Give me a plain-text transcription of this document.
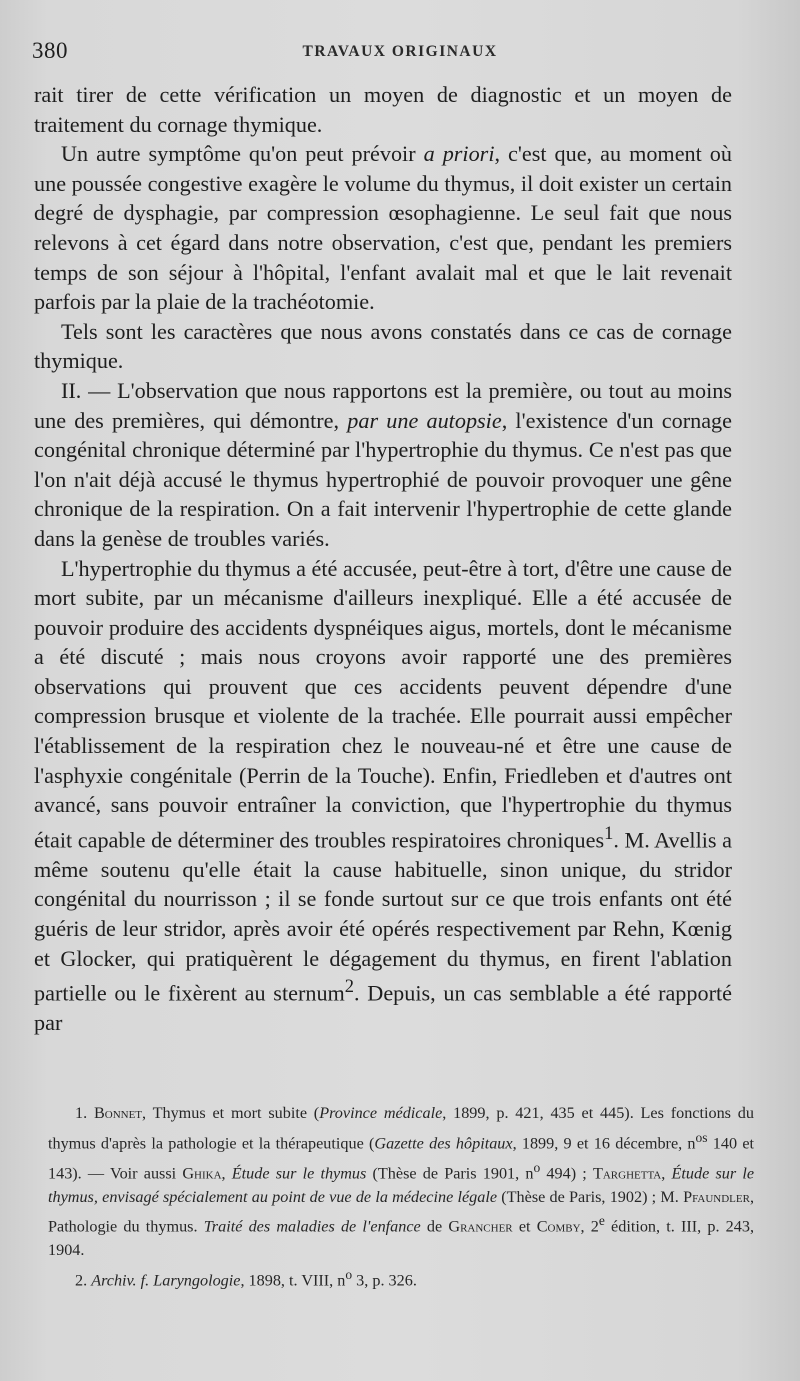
380	TRAVAUX ORIGINAUX

rait tirer de cette vérification un moyen de diagnostic et un moyen de traitement du cornage thymique.

Un autre symptôme qu'on peut prévoir a priori, c'est que, au moment où une poussée congestive exagère le volume du thymus, il doit exister un certain degré de dysphagie, par compression œsophagienne. Le seul fait que nous relevons à cet égard dans notre observation, c'est que, pendant les premiers temps de son séjour à l'hôpital, l'enfant avalait mal et que le lait revenait parfois par la plaie de la trachéotomie.

Tels sont les caractères que nous avons constatés dans ce cas de cornage thymique.

II. — L'observation que nous rapportons est la première, ou tout au moins une des premières, qui démontre, par une autopsie, l'existence d'un cornage congénital chronique déterminé par l'hypertrophie du thymus. Ce n'est pas que l'on n'ait déjà accusé le thymus hypertrophié de pouvoir provoquer une gêne chronique de la respiration. On a fait intervenir l'hypertrophie de cette glande dans la genèse de troubles variés.

L'hypertrophie du thymus a été accusée, peut-être à tort, d'être une cause de mort subite, par un mécanisme d'ailleurs inexpliqué. Elle a été accusée de pouvoir produire des accidents dyspnéiques aigus, mortels, dont le mécanisme a été discuté ; mais nous croyons avoir rapporté une des premières observations qui prouvent que ces accidents peuvent dépendre d'une compression brusque et violente de la trachée. Elle pourrait aussi empêcher l'établissement de la respiration chez le nouveau-né et être une cause de l'asphyxie congénitale (Perrin de la Touche). Enfin, Friedleben et d'autres ont avancé, sans pouvoir entraîner la conviction, que l'hypertrophie du thymus était capable de déterminer des troubles respiratoires chroniques$^1$. M. Avellis a même soutenu qu'elle était la cause habituelle, sinon unique, du stridor congénital du nourrisson ; il se fonde surtout sur ce que trois enfants ont été guéris de leur stridor, après avoir été opérés respectivement par Rehn, Kœnig et Glocker, qui pratiquèrent le dégagement du thymus, en firent l'ablation partielle ou le fixèrent au sternum$^2$. Depuis, un cas semblable a été rapporté par

1. Bonnet, Thymus et mort subite (Province médicale, 1899, p. 421, 435 et 445). Les fonctions du thymus d'après la pathologie et la thérapeutique (Gazette des hôpitaux, 1899, 9 et 16 décembre, $n^{os}$ 140 et 143). — Voir aussi Ghika, Étude sur le thymus (Thèse de Paris 1901, $n^o$ 494) ; Targhetta, Étude sur le thymus, envisagé spécialement au point de vue de la médecine légale (Thèse de Paris, 1902) ; M. Pfaundler, Pathologie du thymus. Traité des maladies de l'enfance de Grancher et Comby, 2e édition, t. III, p. 243, 1904.

2. Archiv. f. Laryngologie, 1898, t. VIII, $n^o$ 3, p. 326.
